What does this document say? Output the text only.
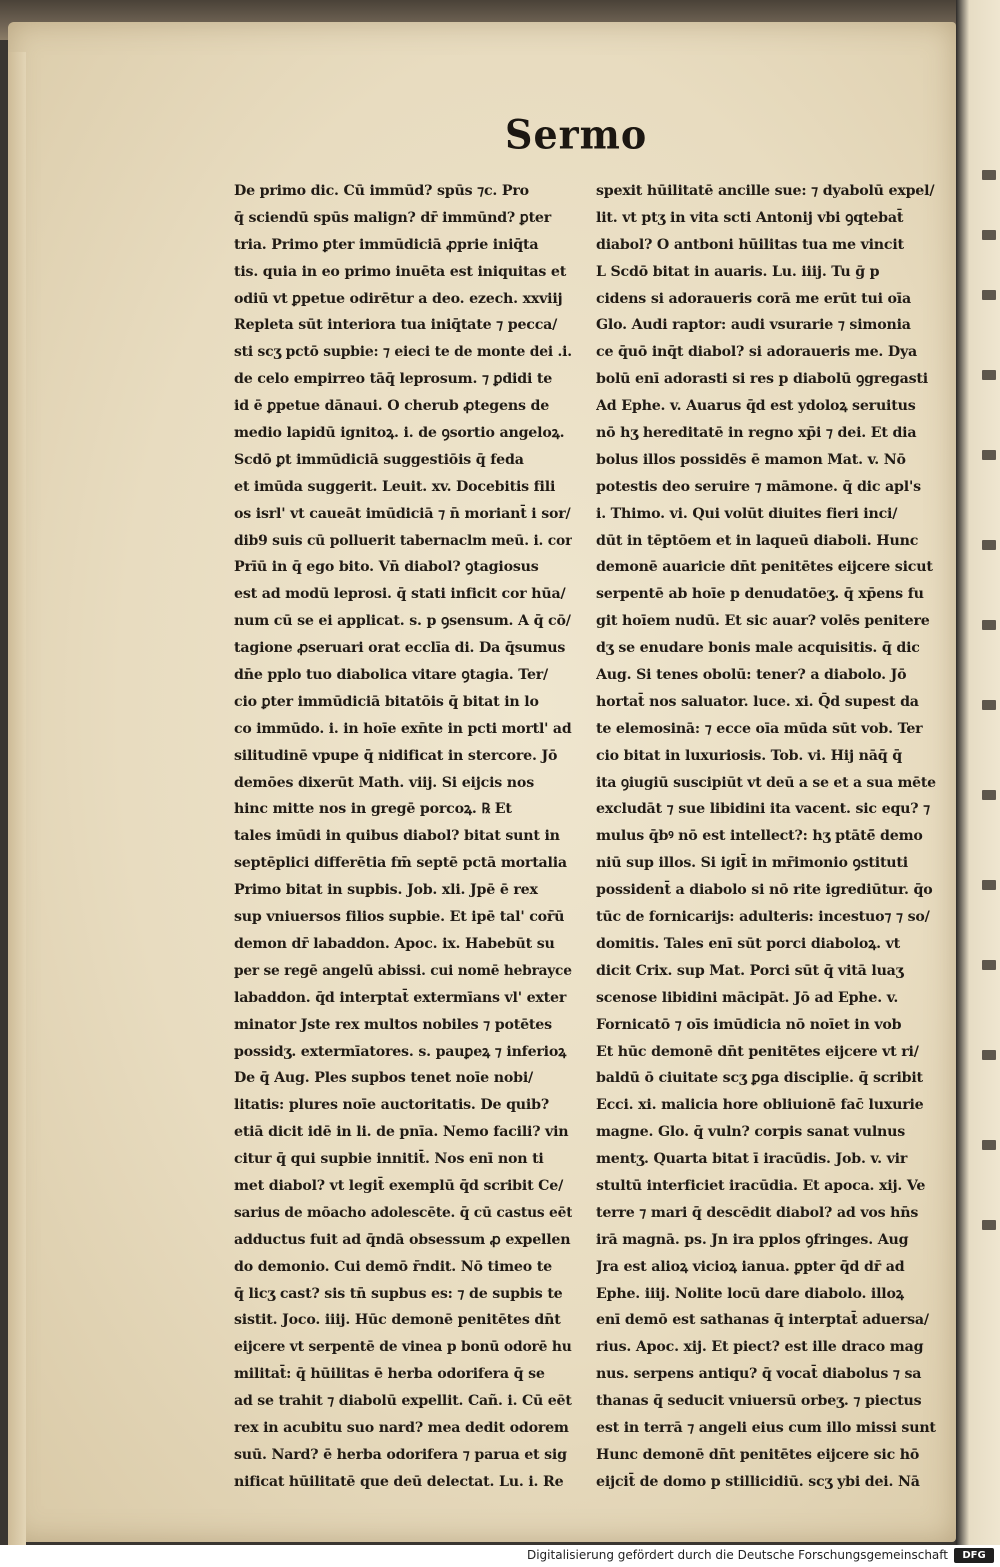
Sermo
De primo dic. Cū immūd? spūs ⁊c. Pro
q̄ sciendū spūs malign? dr̄ immūnd? ꝑter
tria. Primo ꝑter immūdiciā ꝓprie iniq̄ta
tis. quia in eo primo inuēta est iniquitas et
odiū vt ꝑpetue odirētur a deo. ezech. xxviij
Repleta sūt interiora tua iniq̄tate ⁊ pecca/
sti scʒ pctō supbie: ⁊ eieci te de monte dei .i.
de celo empirreo tāq̄ leprosum. ⁊ ꝑdidi te
id ē ꝑpetue dānaui. O cherub ꝓtegens de
medio lapidū ignitoꝝ. i. de ꝯsortio angeloꝝ.
Scdō ꝑt immūdiciā suggestiōis q̄ feda
et imūda suggerit. Leuit. xv. Docebitis fili
os isrl' vt caueāt imūdiciā ⁊ n̄ moriant̄ i sor/
dib9 suis cū polluerit tabernaclm meū. i. cor
Prīū in q̄ ego bito. Vn̄ diabol? ꝯtagiosus
est ad modū leprosi. q̄ stati inficit cor hūa/
num cū se ei applicat. s. p ꝯsensum. A q̄ cō/
tagione ꝓseruari orat ecclīa di. Da q̄sumus
dn̄e pplo tuo diabolica vitare ꝯtagia. Ter/
cio ꝑter immūdiciā bitatōis q̄ bitat in lo
co immūdo. i. in hoīe exn̄te in pcti mortl' ad
silitudinē vpupe q̄ nidificat in stercore. Jō
demōes dixerūt Math. viij. Si eijcis nos
hinc mitte nos in gregē porcoꝝ. ℞ Et
tales imūdi in quibus diabol? bitat sunt in
septēplici differētia fm̄ septē pctā mortalia
Primo bitat in supbis. Job. xli. Jpē ē rex
sup vniuersos filios supbie. Et ipē tal' cor̄ū
demon dr̄ labaddon. Apoc. ix. Habebūt su
per se regē angelū abissi. cui nomē hebrayce
labaddon. q̄d interptat̄ extermīans vl' exter
minator Jste rex multos nobiles ⁊ potētes
possidʒ. extermīatores. s. pauꝑeꝝ ⁊ inferioꝝ
De q̄ Aug. Ples supbos tenet noīe nobi/
litatis: plures noīe auctoritatis. De quib?
etiā dicit idē in li. de pnīa. Nemo facili? vin
citur q̄ qui supbie innitit̄. Nos enī non ti
met diabol? vt legit̄ exemplū q̄d scribit Ce/
sarius de mōacho adolescēte. q̄ cū castus eēt
adductus fuit ad q̄ndā obsessum ꝓ expellen
do demonio. Cui demō r̄ndit. Nō timeo te
q̄ licʒ cast? sis tn̄ supbus es: ⁊ de supbis te
sistit. Joco. iiij. Hūc demonē penitētes dn̄t
eijcere vt serpentē de vinea p bonū odorē hu
militat̄: q̄ hūilitas ē herba odorifera q̄ se
ad se trahit ⁊ diabolū expellit. Cañ. i. Cū eēt
rex in acubitu suo nard? mea dedit odorem
suū. Nard? ē herba odorifera ⁊ parua et sig
nificat hūilitatē que deū delectat. Lu. i. Re
spexit hūilitatē ancille sue: ⁊ dyabolū expel/
lit. vt ptʒ in vita scti Antonij vbi ꝯqtebat̄
diabol? O antboni hūilitas tua me vincit
L Scdō bitat in auaris. Lu. iiij. Tu ḡ p
cidens si adoraueris corā me erūt tui oīa
Glo. Audi raptor: audi vsurarie ⁊ simonia
ce q̄uō inq̄t diabol? si adoraueris me. Dya
bolū enī adorasti si res p diabolū ꝯgregasti
Ad Ephe. v. Auarus q̄d est ydoloꝝ seruitus
nō hʒ hereditatē in regno xp̄i ⁊ dei. Et dia
bolus illos possidēs ē mamon Mat. v. Nō
potestis deo seruire ⁊ māmone. q̄ dic apl's
i. Thimo. vi. Qui volūt diuites fieri inci/
dūt in tēptōem et in laqueū diaboli. Hunc
demonē auaricie dn̄t penitētes eijcere sicut
serpentē ab hoīe p denudatōeʒ. q̄ xp̄ens fu
git hoīem nudū. Et sic auar? volēs penitere
dʒ se enudare bonis male acquisitis. q̄ dic
Aug. Si tenes obolū: tener? a diabolo. Jō
hortat̄ nos saluator. luce. xi. Q̄d supest da
te elemosinā: ⁊ ecce oīa mūda sūt vob. Ter
cio bitat in luxuriosis. Tob. vi. Hij nāq̄ q̄
ita ꝯiugiū suscipiūt vt deū a se et a sua mēte
excludāt ⁊ sue libidini ita vacent. sic equ? ⁊
mulus q̄bꝰ nō est intellect?: hʒ ptātē̄ demo
niū sup illos. Si igit̄ in mr̄imonio ꝯstituti
possident̄ a diabolo si nō rite igrediūtur. q̄o
tūc de fornicarijs: adulteris: incestuo⁊ ⁊ so/
domitis. Tales enī sūt porci diaboloꝝ. vt
dicit Crix. sup Mat. Porci sūt q̄ vitā luaʒ
scenose libidini mācipāt. Jō ad Ephe. v.
Fornicatō ⁊ oīs imūdicia nō noīet in vob
Et hūc demonē dn̄t penitētes eijcere vt ri/
baldū ō ciuitate scʒ ꝑga disciplie. q̄ scribit
Ecci. xi. malicia hore obliuionē fac̄ luxurie
magne. Glo. q̄ vuln? corpis sanat vulnus
mentʒ. Quarta bitat ī iracūdis. Job. v. vir
stultū interficiet iracūdia. Et apoca. xij. Ve
terre ⁊ mari q̄ descēdit diabol? ad vos hn̄s
irā magnā. ps. Jn ira pplos ꝯfringes. Aug
Jra est alioꝝ vicioꝝ ianua. ꝑpter q̄d dr̄ ad
Ephe. iiij. Nolite locū dare diabolo. illoꝝ
enī demō est sathanas q̄ interptat̄ aduersa/
rius. Apoc. xij. Et piect? est ille draco mag
nus. serpens antiqu? q̄ vocat̄ diabolus ⁊ sa
thanas q̄ seducit vniuersū orbeʒ. ⁊ piectus
est in terrā ⁊ angeli eius cum illo missi sunt
Hunc demonē dn̄t penitētes eijcere sic hō
eijcit̄ de domo p stillicidiū. scʒ ybi dei. Nā
Digitalisierung gefördert durch die Deutsche Forschungsgemeinschaft	DFG
